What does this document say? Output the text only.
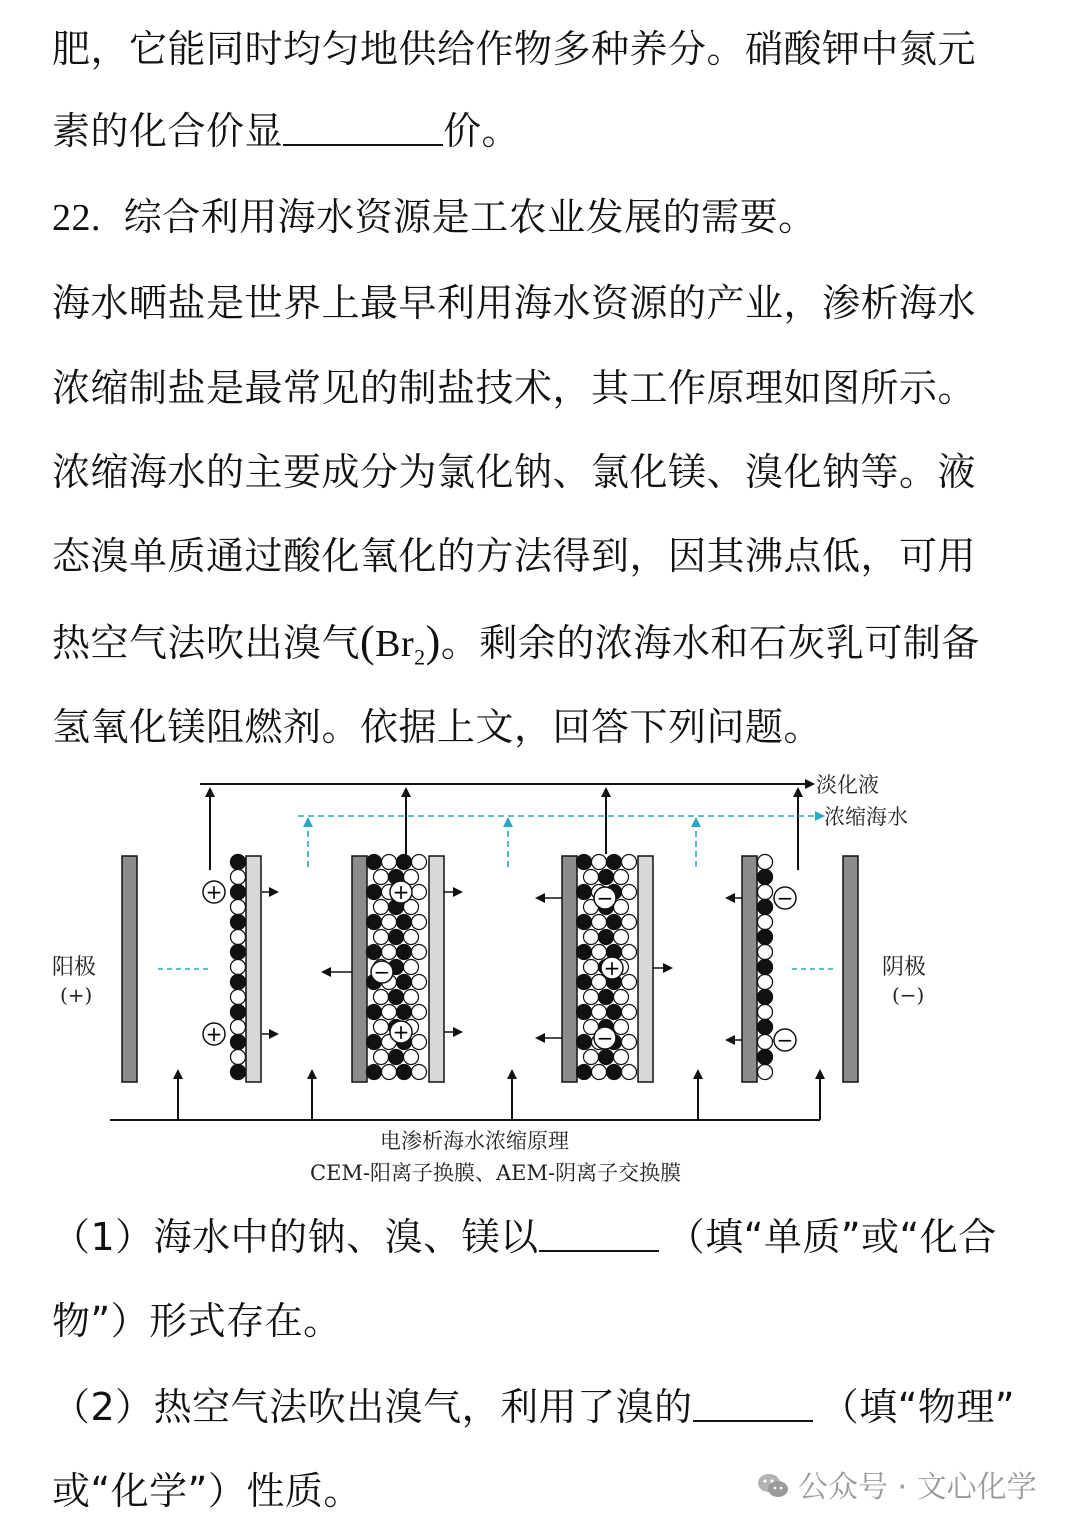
肥，它能同时均匀地供给作物多种养分。硝酸钾中氮元
素的化合价显	价。
22. 综合利用海水资源是工农业发展的需要。
海水晒盐是世界上最早利用海水资源的产业，渗析海水
浓缩制盐是最常见的制盐技术，其工作原理如图所示。
浓缩海水的主要成分为氯化钠、氯化镁、溴化钠等。液
态溴单质通过酸化氧化的方法得到，因其沸点低，可用
热空气法吹出溴气$(Br_2)$。剩余的浓海水和石灰乳可制备
氢氧化镁阻燃剂。依据上文，回答下列问题。
淡化液
浓缩海水
阳极
(+)
阴极
(−)
+
+
+
−
+
−
+
−
−
−
电渗析海水浓缩原理
CEM-阳离子换膜、AEM-阴离子交换膜
（1）海水中的钠、溴、镁以	（填“单质”或“化合
物”）形式存在。
（2）热空气法吹出溴气，利用了溴的	（填“物理”
或“化学”）性质。	公众号 · 文心化学
